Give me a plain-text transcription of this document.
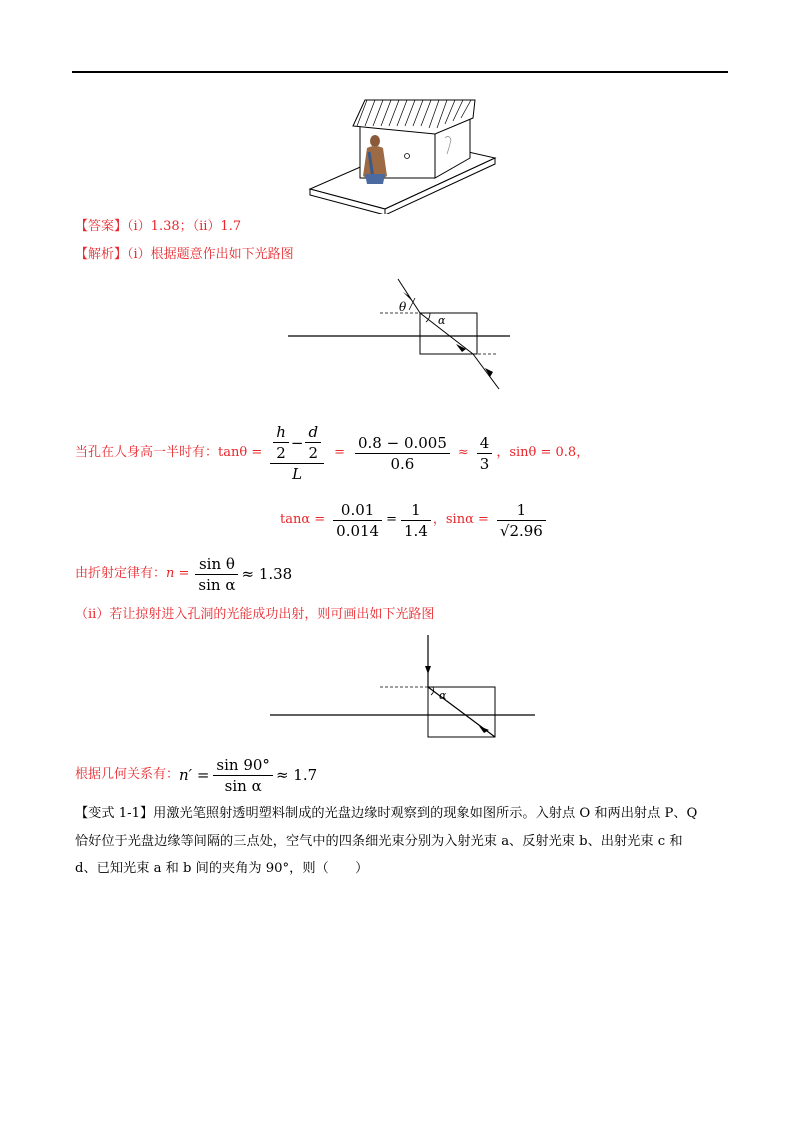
【答案】（i）1.38；（ii）1.7
【解析】（i）根据题意作出如下光路图
θ
α
当孔在人身高一半时有： $\tan\theta = \frac{\frac{h}{2} - \frac{d}{2}}{L} = \frac{0.8 - 0.005}{0.6} \approx \frac{4}{3}$ ，sinθ = 0.8，
$\tan\alpha = \frac{0.01}{0.014} = \frac{1}{1.4}$ ，$\sin\alpha = \frac{1}{√2.96}$
由折射定律有： $n = \frac{\text{sin θ}}{\text{sin α}} \approx 1.38$
（ii）若让掠射进入孔洞的光能成功出射，则可画出如下光路图
α
根据几何关系有： $n' = \frac{\sin 90^\circ}{\text{sin α}} \approx 1.7$
【变式 1-1】用激光笔照射透明塑料制成的光盘边缘时观察到的现象如图所示。入射点 O 和两出射点 P、Q
恰好位于光盘边缘等间隔的三点处，空气中的四条细光束分别为入射光束 a、反射光束 b、出射光束 c 和
d、已知光束 a 和 b 间的夹角为 90°，则（　　）
